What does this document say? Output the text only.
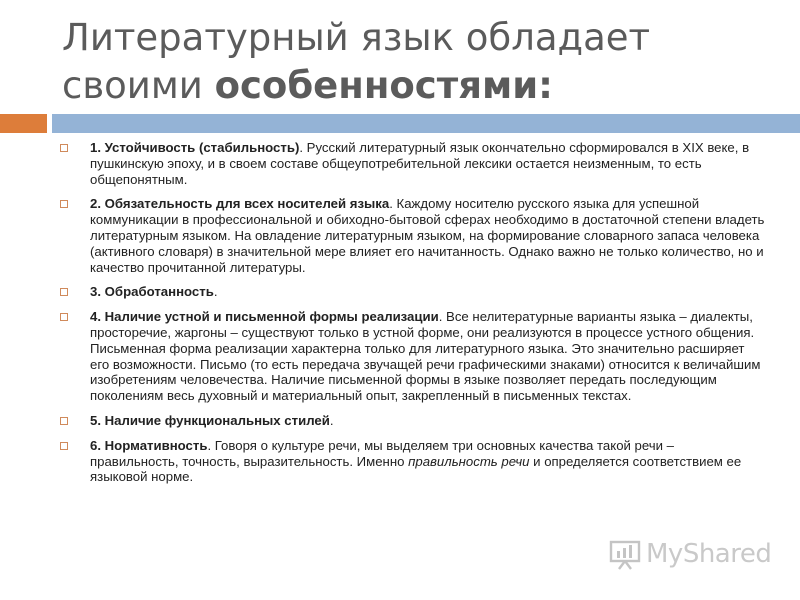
Литературный язык обладает
своими особенностями:
1. Устойчивость (стабильность). Русский литературный язык окончательно сформировался в XIX веке, в пушкинскую эпоху, и в своем составе общеупотребительной лексики остается неизменным, то есть общепонятным.
2. Обязательность для всех носителей языка. Каждому носителю русского языка для успешной коммуникации в профессиональной и обиходно-бытовой сферах необходимо в достаточной степени владеть литературным языком. На овладение литературным языком, на формирование словарного запаса человека (активного словаря) в значительной мере влияет его начитанность. Однако важно не только количество, но и качество прочитанной литературы.
3. Обработанность.
4. Наличие устной и письменной формы реализации. Все нелитературные варианты языка – диалекты, просторечие, жаргоны – существуют только в устной форме, они реализуются в процессе устного общения. Письменная форма реализации характерна только для литературного языка. Это значительно расширяет его возможности. Письмо (то есть передача звучащей речи графическими знаками) относится к величайшим изобретениям человечества. Наличие письменной формы в языке позволяет передать последующим поколениям весь духовный и материальный опыт, закрепленный в письменных текстах.
5. Наличие функциональных стилей.
6. Нормативность. Говоря о культуре речи, мы выделяем три основных качества такой речи – правильность, точность, выразительность. Именно правильность речи и определяется соответствием ее языковой норме.
MyShared
